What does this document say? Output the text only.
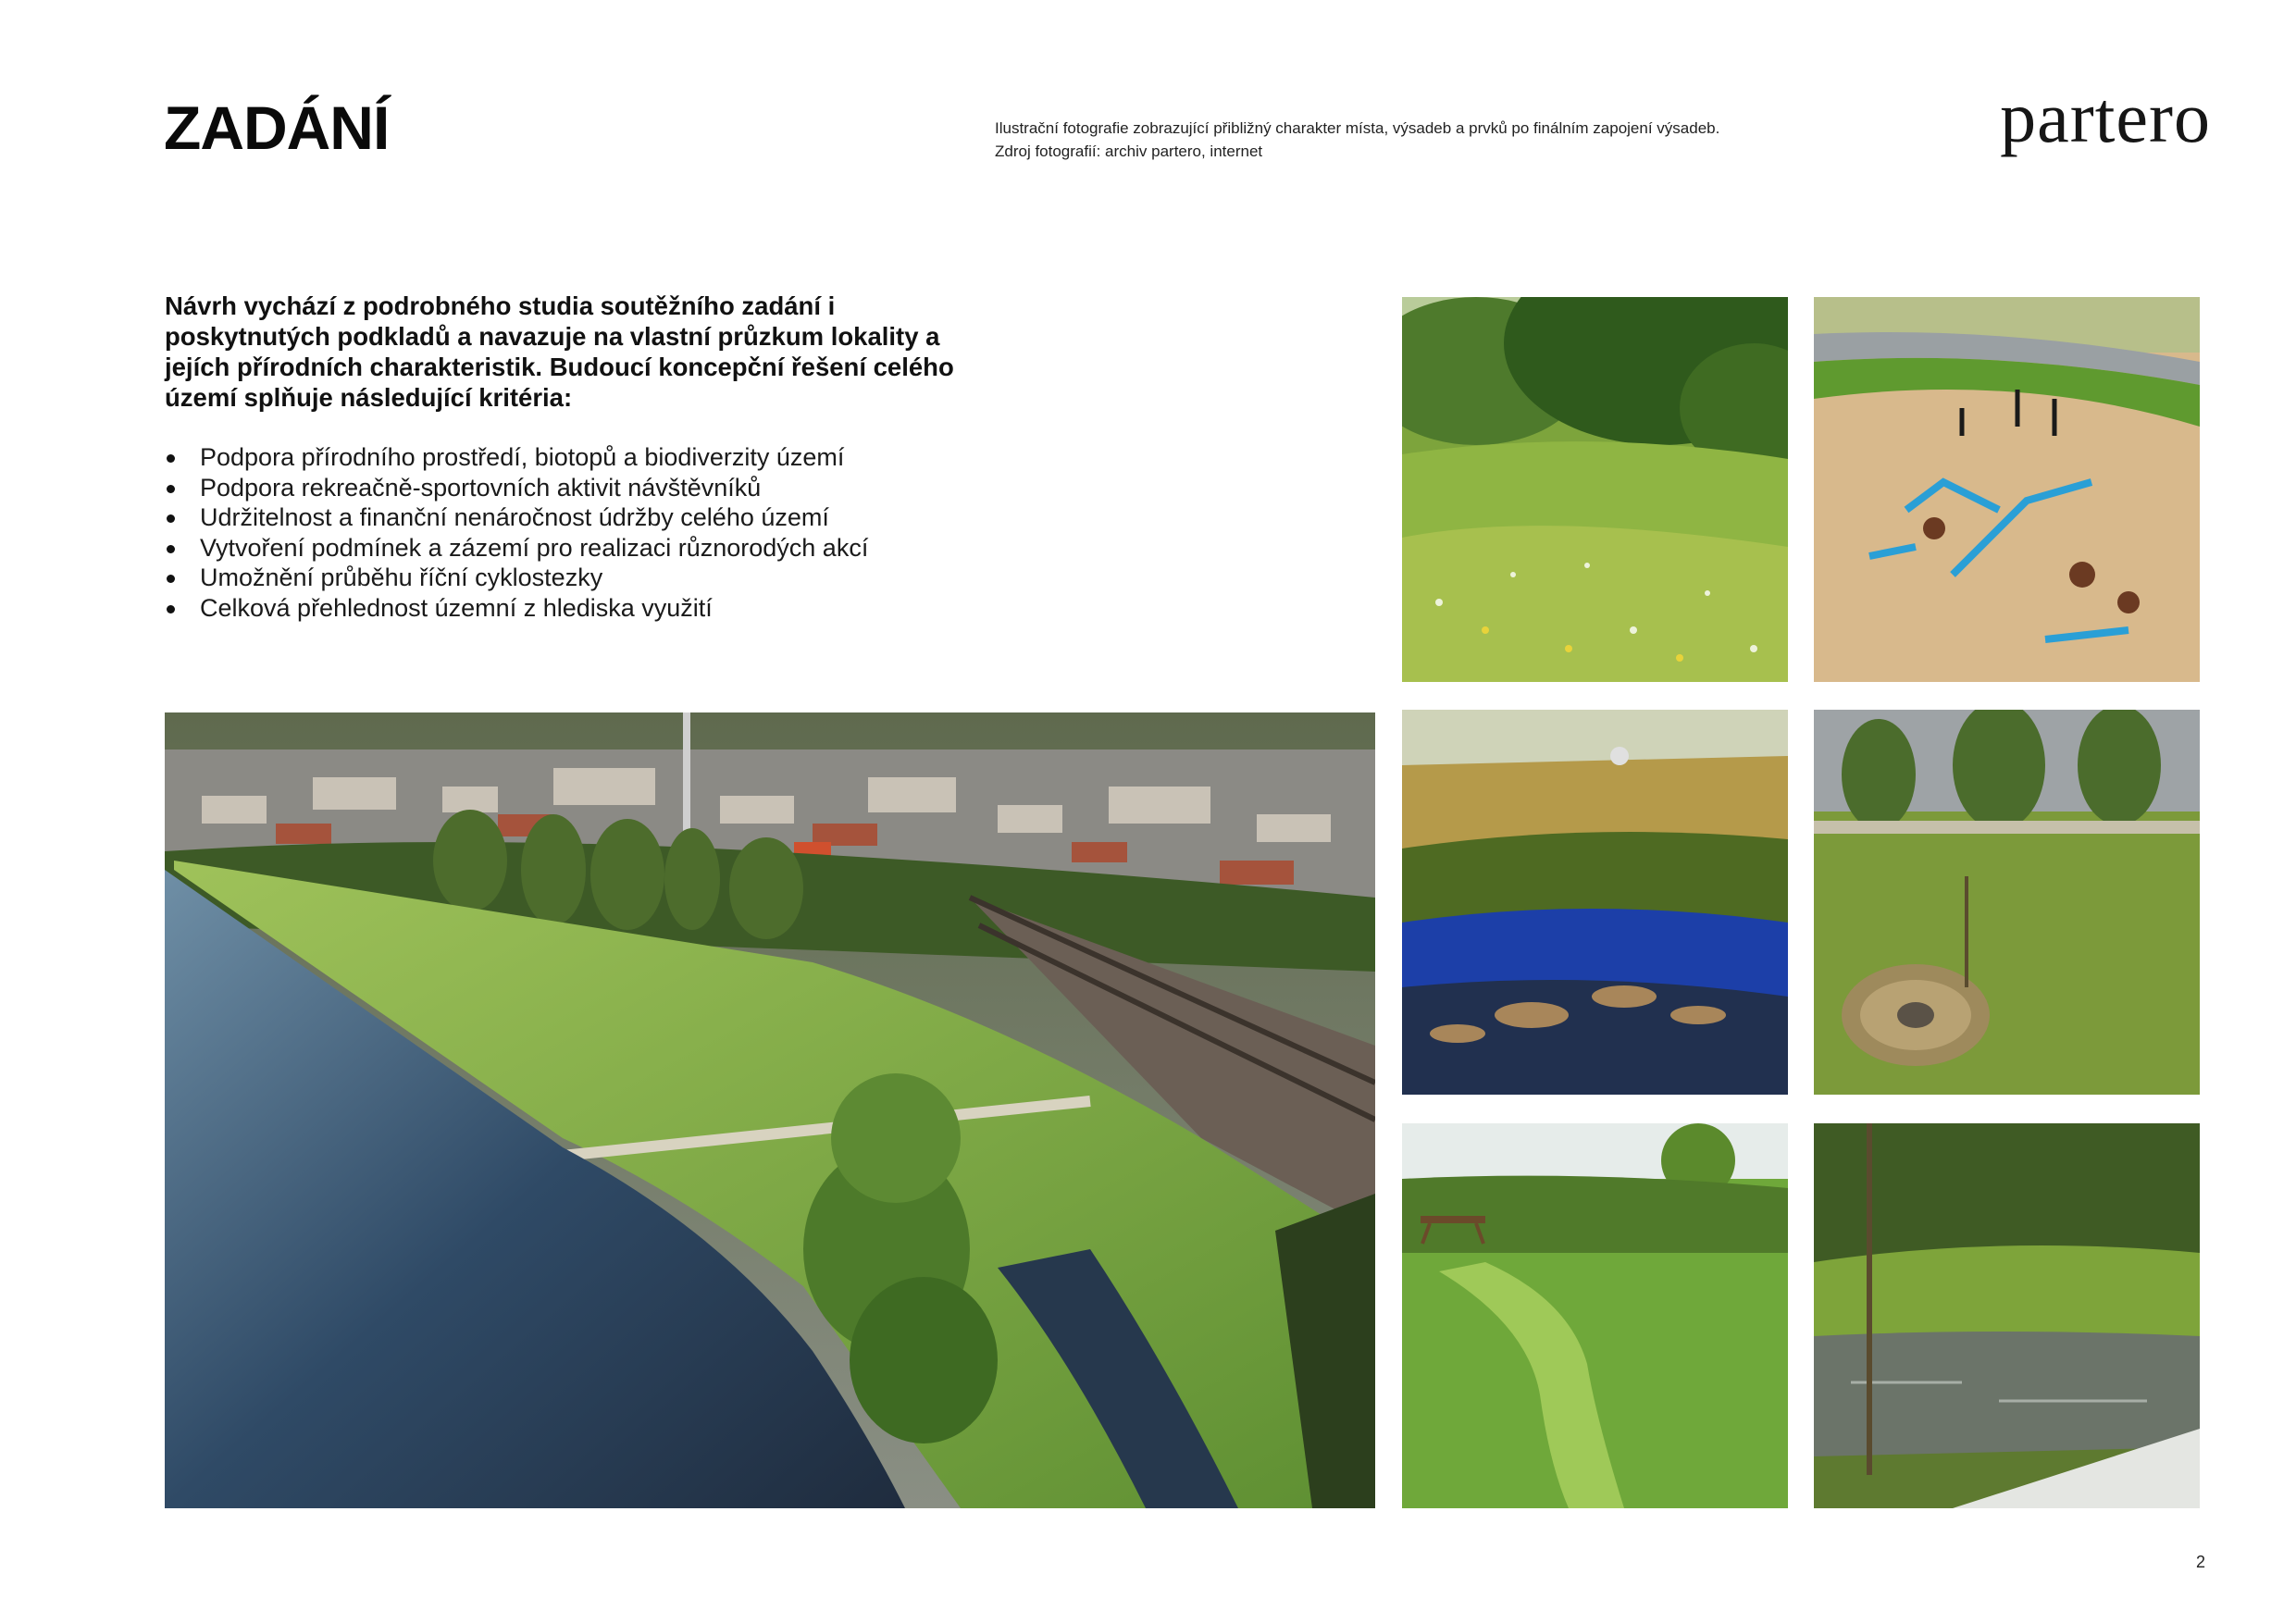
ZADÁNÍ	Ilustrační fotografie zobrazující přibližný charakter místa, výsadeb a prvků po finálním zapojení výsadeb.
Zdroj fotografií: archiv partero, internet	partero

Návrh vychází z podrobného studia soutěžního zadání i poskytnutých podkladů a navazuje na vlastní průzkum lokality a jejích přírodních charakteristik. Budoucí koncepční řešení celého území splňuje následující kritéria:

Podpora přírodního prostředí, biotopů a biodiverzity území
Podpora rekreačně-sportovních aktivit návštěvníků
Udržitelnost a finanční nenáročnost údržby celého území
Vytvoření podmínek a zázemí pro realizaci různorodých akcí
Umožnění průběhu říční cyklostezky
Celková přehlednost územní z hlediska využití
2
